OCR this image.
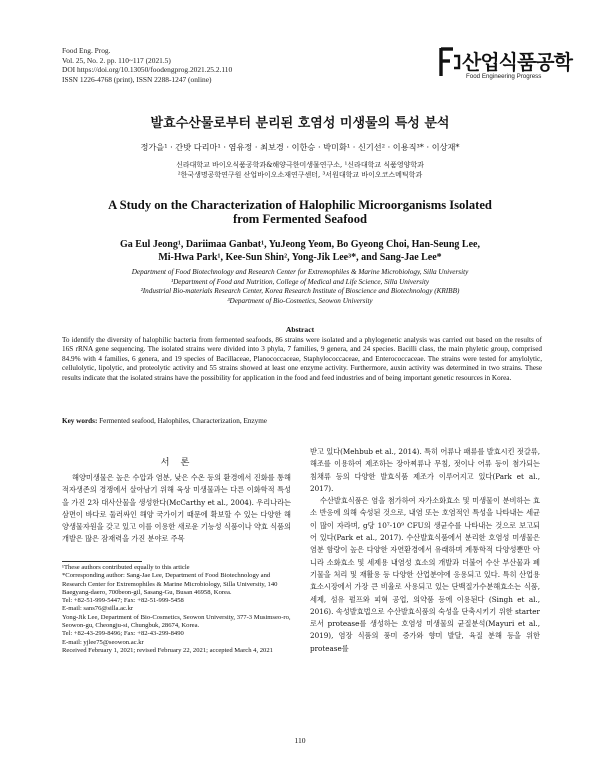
Food Eng. Prog.
Vol. 25, No. 2. pp. 110~117 (2021.5)
DOI https://doi.org/10.13050/foodengprog.2021.25.2.110
ISSN 1226-4768 (print), ISSN 2288-1247 (online)
산업식품공학
Food Engineering Progress
발효수산물로부터 분리된 호염성 미생물의 특성 분석
정가을¹ · 간밧 다리마¹ · 염유정 · 최보경 · 이한승 · 박미화¹ · 신기선² · 이용직³* · 이상재*
신라대학교 바이오식품공학과&해양극한미생물연구소, ¹신라대학교 식품영양학과
²한국생명공학연구원 산업바이오소재연구센터, ³서원대학교 바이오코스메틱학과
A Study on the Characterization of Halophilic Microorganisms Isolated
from Fermented Seafood
Ga Eul Jeong¹, Dariimaa Ganbat¹, YuJeong Yeom, Bo Gyeong Choi, Han-Seung Lee,
Mi-Hwa Park¹, Kee-Sun Shin², Yong-Jik Lee³*, and Sang-Jae Lee*
Department of Food Biotechnology and Research Center for Extremophiles & Marine Microbiology, Silla University
¹Department of Food and Nutrition, College of Medical and Life Science, Silla University
²Industrial Bio-materials Research Center, Korea Research Institute of Bioscience and Biotechnology (KRIBB)
³Department of Bio-Cosmetics, Seowon University
Abstract
To identify the diversity of halophilic bacteria from fermented seafoods, 86 strains were isolated and a phylogenetic analysis was carried out based on the results of 16S rRNA gene sequencing. The isolated strains were divided into 3 phyla, 7 families, 9 genera, and 24 species. Bacilli class, the main phyletic group, comprised 84.9% with 4 families, 6 genera, and 19 species of Bacillaceae, Planococcaceae, Staphylococcaceae, and Enterococcaceae. The strains were tested for amylolytic, cellulolytic, lipolytic, and proteolytic activity and 55 strains showed at least one enzyme activity. Furthermore, auxin activity was determined in two strains. These results indicate that the isolated strains have the possibility for application in the food and feed industries and of being important genetic resources in Korea.
Key words: Fermented seafood, Halophiles, Characterization, Enzyme
서 론

해양미생물은 높은 수압과 염분, 낮은 수온 등의 환경에서 진화를 통해 적자생존의 경쟁에서 살아남기 위해 육상 미생물과는 다른 이화학적 특성을 가진 2차 대사산물을 생성한다(McCarthy et al., 2004). 우리나라는 삼면이 바다로 둘러싸인 해양 국가이기 때문에 확보할 수 있는 다양한 해양생물자원을 갖고 있고 이를 이용한 새로운 기능성 식품이나 약효 식품의 개발은 많은 잠재력을 가진 분야로 주목

받고 있다(Mehbub et al., 2014). 특히 어류나 패류를 발효시킨 젓갈류, 해조를 이용하여 제조하는 장아찌류나 무침, 젓이나 어류 등이 첨가되는 침채류 등의 다양한 발효식품 제조가 이루어지고 있다(Park et al., 2017).

수산발효식품은 염을 첨가하여 자가소화효소 및 미생물이 분비하는 효소 반응에 의해 숙성된 것으로, 내염 또는 호염적인 특성을 나타내는 세균이 많이 자라며, g당 10⁷-10⁹ CFU의 생균수를 나타내는 것으로 보고되어 있다(Park et al., 2017). 수산발효식품에서 분리한 호염성 미생물은 염분 함량이 높은 다양한 자연환경에서 유래하며 계통학적 다양성뿐만 아니라 소화효소 및 세제용 내염성 효소의 개발과 더불어 수산 부산물과 폐기물을 처리 및 재활용 등 다양한 산업분야에 응용되고 있다. 특히 산업용 효소시장에서 가장 큰 비율로 사용되고 있는 단백질가수분해효소는 식품, 세제, 섬유 펄프와 피혁 공업, 의약품 등에 이용된다 (Singh et al., 2016). 속성발효법으로 수산발효식품의 숙성을 단축시키기 위한 starter로서 protease를 생성하는 호염성 미생물의 균질분석(Mayuri et al., 2019), 염장 식품의 풍미 증가와 향미 발달, 육질 분해 등을 위한 protease를

¹These authors contributed equally to this article
*Corresponding author: Sang-Jae Lee, Department of Food Biotechnology and Research Center for Extremophiles & Marine Microbiology, Silla University, 140 Baegyang-daero, 700beon-gil, Sasang-Gu, Busan 46958, Korea.
Tel: +82-51-999-5447; Fax: +82-51-999-5458
E-mail: sans76@silla.ac.kr
Yong-Jik Lee, Department of Bio-Cosmetics, Seowon University, 377-3 Musimseo-ro, Seowon-gu, Cheongju-si, Chungbuk, 28674, Korea.
Tel: +82-43-299-8496; Fax: +82-43-299-8490
E-mail: yjlee75@seowon.ac.kr
Received February 1, 2021; revised February 22, 2021; accepted March 4, 2021
110
